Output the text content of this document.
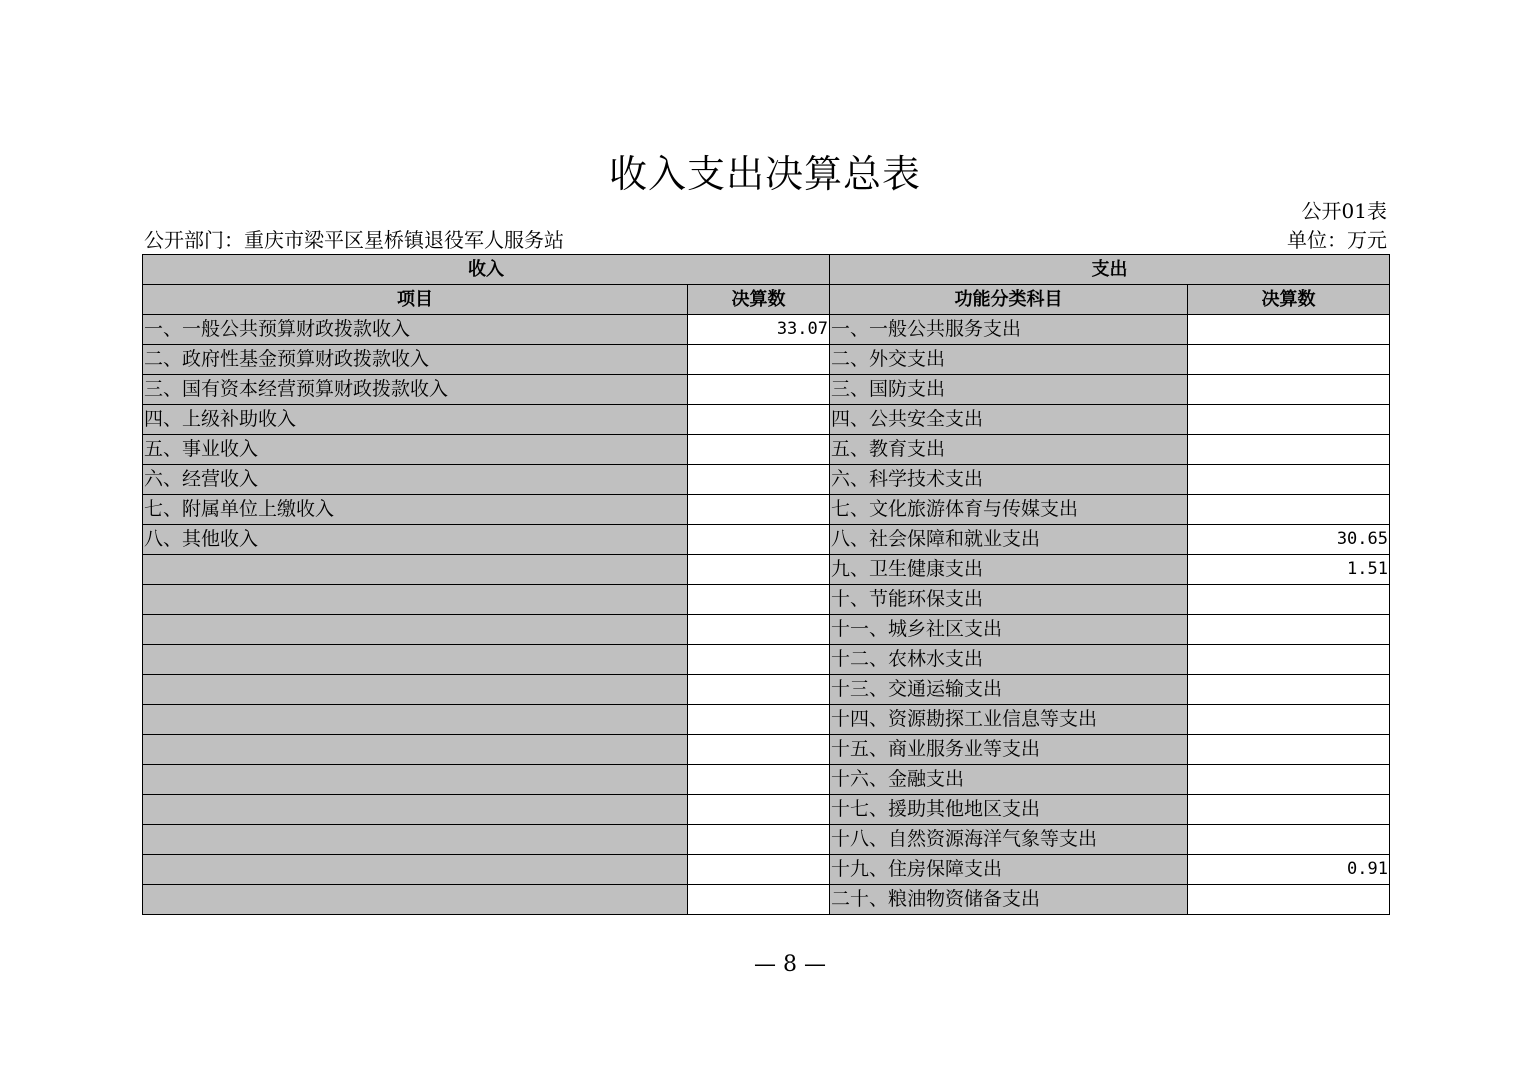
收入支出决算总表
公开01表
公开部门：重庆市梁平区星桥镇退役军人服务站	单位：万元
收入		支出	
项目	决算数	功能分类科目	决算数
一、一般公共预算财政拨款收入	33.07	一、一般公共服务支出	
二、政府性基金预算财政拨款收入		二、外交支出	
三、国有资本经营预算财政拨款收入		三、国防支出	
四、上级补助收入		四、公共安全支出	
五、事业收入		五、教育支出	
六、经营收入		六、科学技术支出	
七、附属单位上缴收入		七、文化旅游体育与传媒支出	
八、其他收入		八、社会保障和就业支出	30.65
		九、卫生健康支出	1.51
		十、节能环保支出	
		十一、城乡社区支出	
		十二、农林水支出	
		十三、交通运输支出	
		十四、资源勘探工业信息等支出	
		十五、商业服务业等支出	
		十六、金融支出	
		十七、援助其他地区支出	
		十八、自然资源海洋气象等支出	
		十九、住房保障支出	0.91
		二十、粮油物资储备支出	
— 8 —
